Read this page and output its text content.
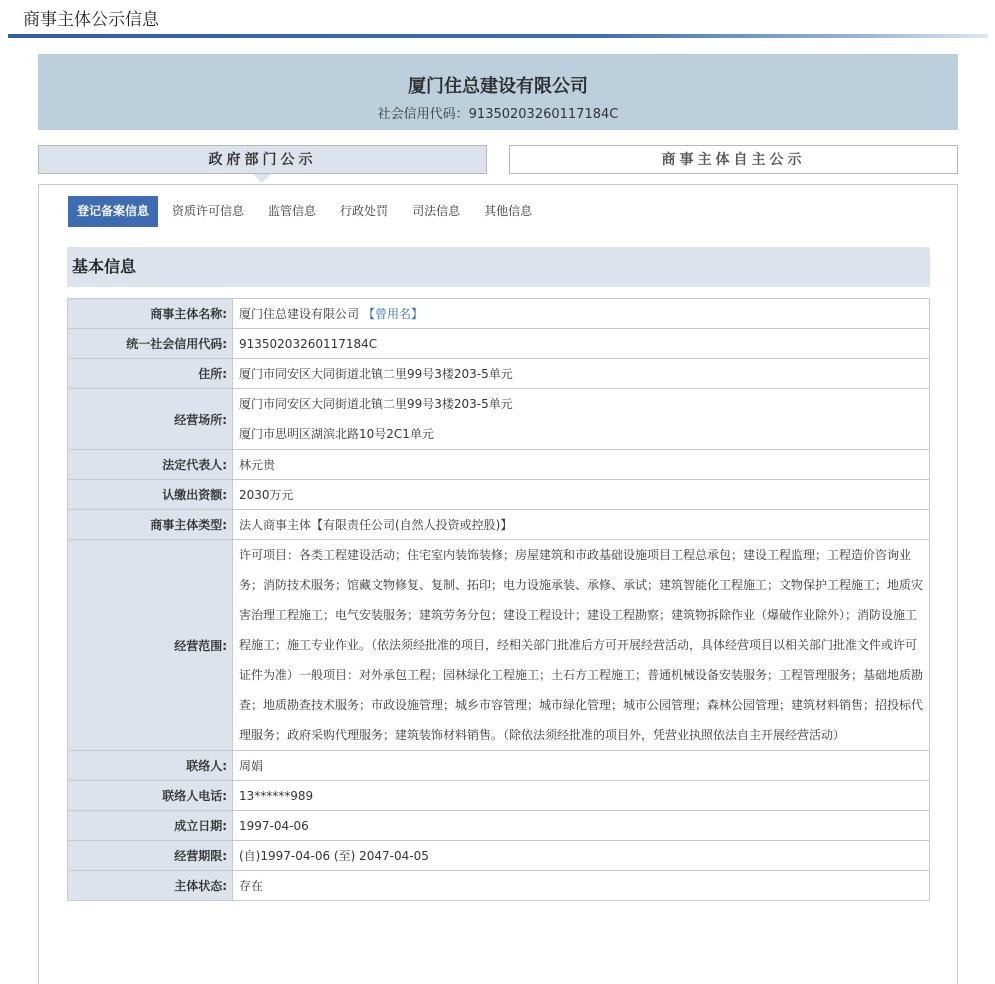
商事主体公示信息
厦门住总建设有限公司
社会信用代码：91350203260117184C
政府部门公示	商事主体自主公示
登记备案信息	资质许可信息	监管信息	行政处罚	司法信息	其他信息
基本信息
商事主体名称:	厦门住总建设有限公司 【曾用名】
统一社会信用代码:	91350203260117184C
住所:	厦门市同安区大同街道北镇二里99号3楼203-5单元
经营场所:	厦门市同安区大同街道北镇二里99号3楼203-5单元
厦门市思明区湖滨北路10号2C1单元

法定代表人:	林元贵
认缴出资额:	2030万元
商事主体类型:	法人商事主体【有限责任公司(自然人投资或控股)】
经营范围:	许可项目：各类工程建设活动；住宅室内装饰装修；房屋建筑和市政基础设施项目工程总承包；建设工程监理；工程造价咨询业务；消防技术服务；馆藏文物修复、复制、拓印；电力设施承装、承修、承试；建筑智能化工程施工；文物保护工程施工；地质灾害治理工程施工；电气安装服务；建筑劳务分包；建设工程设计；建设工程勘察；建筑物拆除作业（爆破作业除外）；消防设施工程施工；施工专业作业。（依法须经批准的项目，经相关部门批准后方可开展经营活动，具体经营项目以相关部门批准文件或许可证件为准）一般项目：对外承包工程；园林绿化工程施工；土石方工程施工；普通机械设备安装服务；工程管理服务；基础地质勘查；地质勘查技术服务；市政设施管理；城乡市容管理；城市绿化管理；城市公园管理；森林公园管理；建筑材料销售；招投标代理服务；政府采购代理服务；建筑装饰材料销售。（除依法须经批准的项目外，凭营业执照依法自主开展经营活动）
联络人:	周娟
联络人电话:	13******989
成立日期:	1997-04-06
经营期限:	(自)1997-04-06 (至) 2047-04-05
主体状态:	存在
